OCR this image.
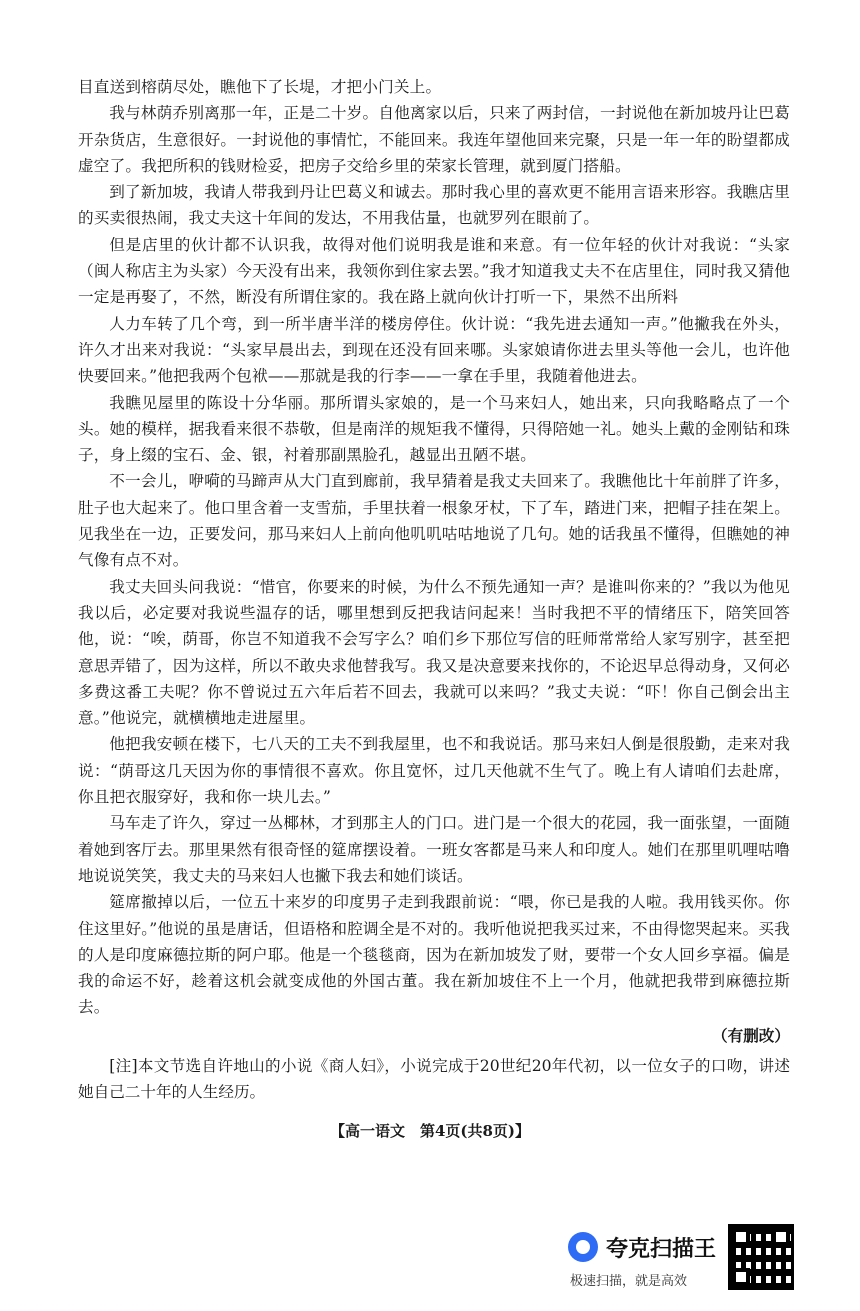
目直送到榕荫尽处，瞧他下了长堤，才把小门关上。

我与林荫乔别离那一年，正是二十岁。自他离家以后，只来了两封信，一封说他在新加坡丹让巴葛开杂货店，生意很好。一封说他的事情忙，不能回来。我连年望他回来完聚，只是一年一年的盼望都成虚空了。我把所积的钱财检妥，把房子交给乡里的荣家长管理，就到厦门搭船。

到了新加坡，我请人带我到丹让巴葛义和诚去。那时我心里的喜欢更不能用言语来形容。我瞧店里的买卖很热闹，我丈夫这十年间的发达，不用我估量，也就罗列在眼前了。

但是店里的伙计都不认识我，故得对他们说明我是谁和来意。有一位年轻的伙计对我说：“头家（闽人称店主为头家）今天没有出来，我领你到住家去罢。”我才知道我丈夫不在店里住，同时我又猜他一定是再娶了，不然，断没有所谓住家的。我在路上就向伙计打听一下，果然不出所料

人力车转了几个弯，到一所半唐半洋的楼房停住。伙计说：“我先进去通知一声。”他撇我在外头，许久才出来对我说：“头家早晨出去，到现在还没有回来哪。头家娘请你进去里头等他一会儿，也许他快要回来。”他把我两个包袱——那就是我的行李——一拿在手里，我随着他进去。

我瞧见屋里的陈设十分华丽。那所谓头家娘的，是一个马来妇人，她出来，只向我略略点了一个头。她的模样，据我看来很不恭敬，但是南洋的规矩我不懂得，只得陪她一礼。她头上戴的金刚钻和珠子，身上缀的宝石、金、银，衬着那副黑脸孔，越显出丑陋不堪。

不一会儿，咿嗬的马蹄声从大门直到廊前，我早猜着是我丈夫回来了。我瞧他比十年前胖了许多，肚子也大起来了。他口里含着一支雪茄，手里扶着一根象牙杖，下了车，踏进门来，把帽子挂在架上。见我坐在一边，正要发问，那马来妇人上前向他叽叽咕咕地说了几句。她的话我虽不懂得，但瞧她的神气像有点不对。

我丈夫回头问我说：“惜官，你要来的时候，为什么不预先通知一声？是谁叫你来的？”我以为他见我以后，必定要对我说些温存的话，哪里想到反把我诘问起来！当时我把不平的情绪压下，陪笑回答他，说：“唉，荫哥，你岂不知道我不会写字么？咱们乡下那位写信的旺师常常给人家写别字，甚至把意思弄错了，因为这样，所以不敢央求他替我写。我又是决意要来找你的，不论迟早总得动身，又何必多费这番工夫呢？你不曾说过五六年后若不回去，我就可以来吗？”我丈夫说：“吓！你自己倒会出主意。”他说完，就横横地走进屋里。

他把我安顿在楼下，七八天的工夫不到我屋里，也不和我说话。那马来妇人倒是很殷勤，走来对我说：“荫哥这几天因为你的事情很不喜欢。你且宽怀，过几天他就不生气了。晚上有人请咱们去赴席，你且把衣服穿好，我和你一块儿去。”

马车走了许久，穿过一丛椰林，才到那主人的门口。进门是一个很大的花园，我一面张望，一面随着她到客厅去。那里果然有很奇怪的筵席摆设着。一班女客都是马来人和印度人。她们在那里叽哩咕噜地说说笑笑，我丈夫的马来妇人也撇下我去和她们谈话。

筵席撤掉以后，一位五十来岁的印度男子走到我跟前说：“喂，你已是我的人啦。我用钱买你。你住这里好。”他说的虽是唐话，但语格和腔调全是不对的。我听他说把我买过来，不由得惚哭起来。买我的人是印度麻德拉斯的阿户耶。他是一个毯毯商，因为在新加坡发了财，要带一个女人回乡享福。偏是我的命运不好，趁着这机会就变成他的外国古董。我在新加坡住不上一个月，他就把我带到麻德拉斯去。

（有删改）

[注]本文节选自许地山的小说《商人妇》，小说完成于20世纪20年代初，以一位女子的口吻，讲述她自己二十年的人生经历。

【高一语文　第4页(共8页)】
夸克扫描王
极速扫描，就是高效
